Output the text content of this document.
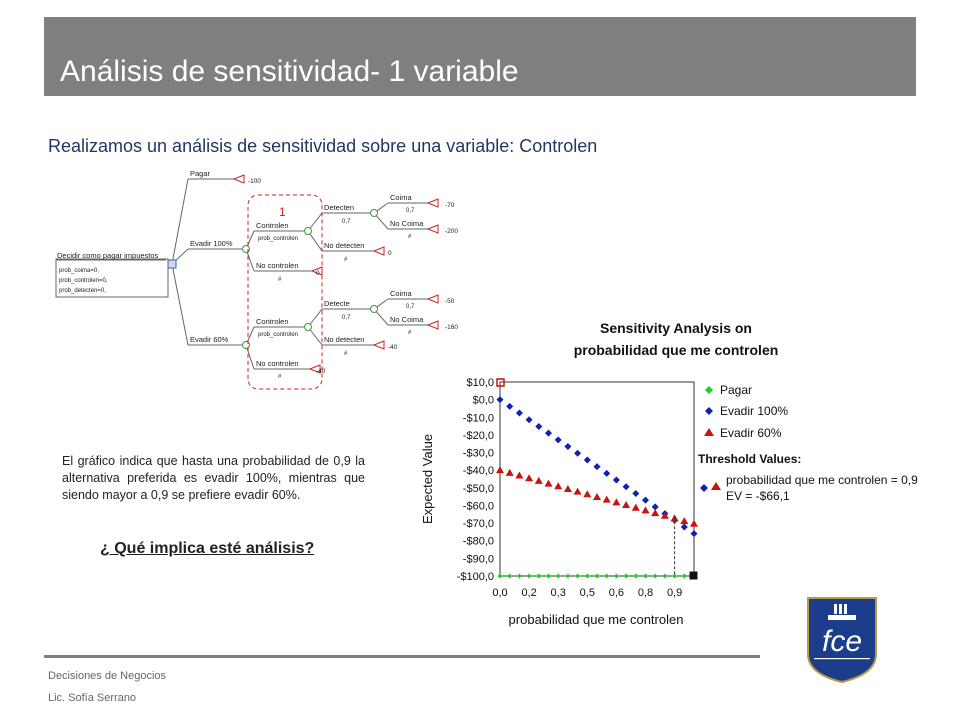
Análisis de sensitividad- 1 variable
Realizamos un análisis de sensitividad sobre una variable: Controlen
Decidir como pagar impuestos
prob_coima=0,
prob_controlen=0,
prob_detecten=0,
Pagar
-100
Evadir 100%
Evadir 60%
1
Controlen
prob_controlen
No controlen
#
Detecten
0,7
No detecten
#
Coima
0,7
No Coima
#
-70
-200
0
0
Controlen
prob_controlen
No controlen
#
Detecte
0,7
No detecten
#
Coima
0,7
No Coima
#
-50
-160
-40
-40
El gráfico indica que hasta una probabilidad de 0,9 la alternativa preferida es evadir 100%, mientras que siendo mayor a 0,9 se prefiere evadir 60%.
¿ Qué implica esté análisis?
Sensitivity Analysis on
probabilidad que me controlen
Expected Value
probabilidad que me controlen
$10,0
$0,0
-$10,0
-$20,0
-$30,0
-$40,0
-$50,0
-$60,0
-$70,0
-$80,0
-$90,0
-$100,0
0,0 0,2 0,3 0,5 0,6 0,8 0,9
Pagar
Evadir 100%
Evadir 60%
Threshold Values:
probabilidad que me controlen = 0,9
EV = -$66,1
Decisiones de Negocios
Lic. Sofía Serrano
fce
